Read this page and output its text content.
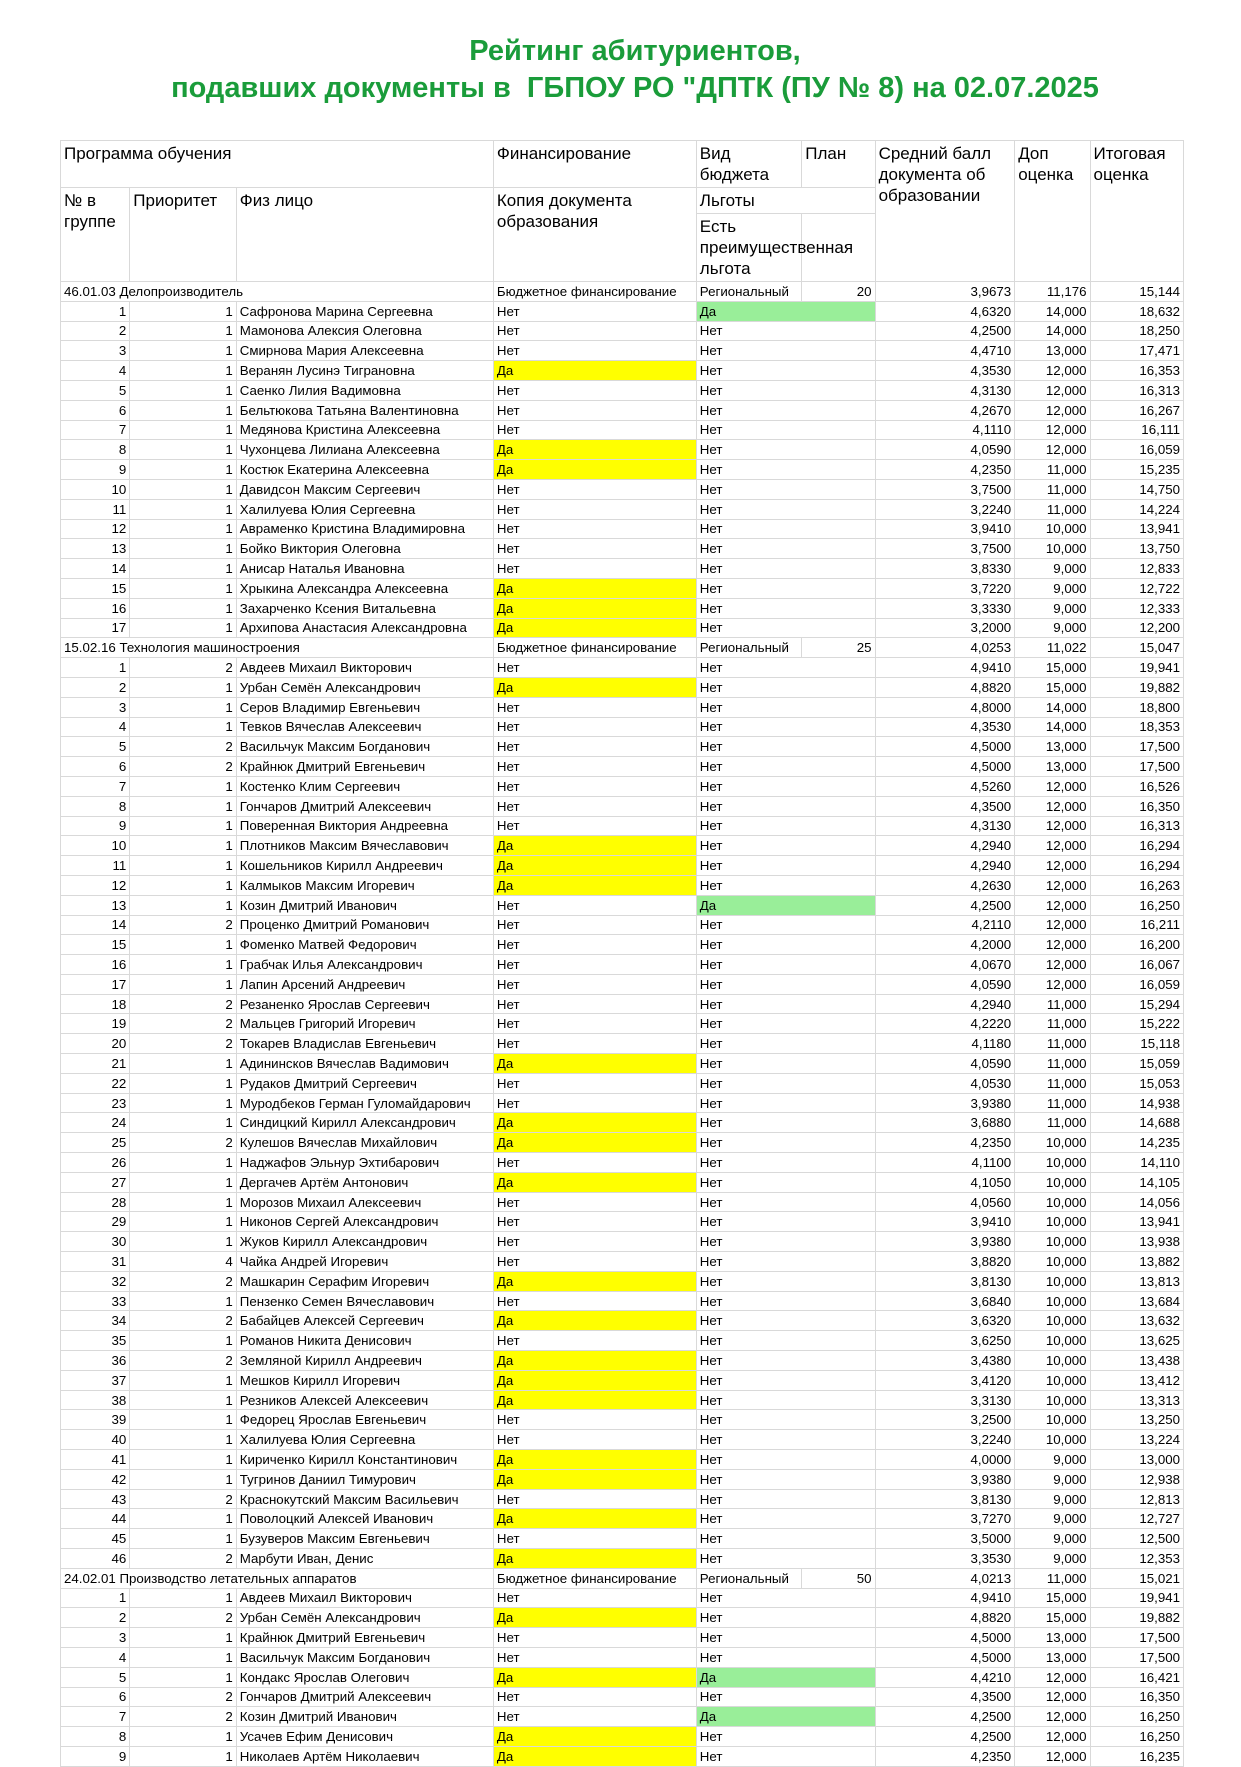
Рейтинг абитуриентов,
подавших документы в  ГБПОУ РО "ДПТК (ПУ № 8) на 02.07.2025
Программа обучения			Финансирование	Вид бюджета	План	Средний балл документа об образовании	Доп оценка	Итоговая оценка
№ в группе	Приоритет	Физ лицо	Копия документа образования	Льготы				
				Есть преимущественная льгота				
46.01.03 Делопроизводитель			Бюджетное финансирование	Региональный	20	3,9673	11,176	15,144
1	1	Сафронова Марина Сергеевна	Нет	Да		4,6320	14,000	18,632
2	1	Мамонова Алексия Олеговна	Нет	Нет		4,2500	14,000	18,250
3	1	Смирнова Мария Алексеевна	Нет	Нет		4,4710	13,000	17,471
4	1	Веранян Лусинэ Тиграновна	Да	Нет		4,3530	12,000	16,353
5	1	Саенко Лилия Вадимовна	Нет	Нет		4,3130	12,000	16,313
6	1	Бельтюкова Татьяна Валентиновна	Нет	Нет		4,2670	12,000	16,267
7	1	Медянова Кристина Алексеевна	Нет	Нет		4,1110	12,000	16,111
8	1	Чухонцева Лилиана Алексеевна	Да	Нет		4,0590	12,000	16,059
9	1	Костюк Екатерина Алексеевна	Да	Нет		4,2350	11,000	15,235
10	1	Давидсон Максим Сергеевич	Нет	Нет		3,7500	11,000	14,750
11	1	Халилуева Юлия Сергеевна	Нет	Нет		3,2240	11,000	14,224
12	1	Авраменко Кристина Владимировна	Нет	Нет		3,9410	10,000	13,941
13	1	Бойко Виктория Олеговна	Нет	Нет		3,7500	10,000	13,750
14	1	Анисар Наталья Ивановна	Нет	Нет		3,8330	9,000	12,833
15	1	Хрыкина Александра Алексеевна	Да	Нет		3,7220	9,000	12,722
16	1	Захарченко Ксения Витальевна	Да	Нет		3,3330	9,000	12,333
17	1	Архипова Анастасия Александровна	Да	Нет		3,2000	9,000	12,200
15.02.16 Технология машиностроения			Бюджетное финансирование	Региональный	25	4,0253	11,022	15,047
1	2	Авдеев Михаил Викторович	Нет	Нет		4,9410	15,000	19,941
2	1	Урбан Семён Александрович	Да	Нет		4,8820	15,000	19,882
3	1	Серов Владимир Евгеньевич	Нет	Нет		4,8000	14,000	18,800
4	1	Тевков Вячеслав Алексеевич	Нет	Нет		4,3530	14,000	18,353
5	2	Васильчук Максим Богданович	Нет	Нет		4,5000	13,000	17,500
6	2	Крайнюк Дмитрий Евгеньевич	Нет	Нет		4,5000	13,000	17,500
7	1	Костенко Клим Сергеевич	Нет	Нет		4,5260	12,000	16,526
8	1	Гончаров Дмитрий Алексеевич	Нет	Нет		4,3500	12,000	16,350
9	1	Поверенная Виктория Андреевна	Нет	Нет		4,3130	12,000	16,313
10	1	Плотников Максим Вячеславович	Да	Нет		4,2940	12,000	16,294
11	1	Кошельников Кирилл Андреевич	Да	Нет		4,2940	12,000	16,294
12	1	Калмыков Максим Игоревич	Да	Нет		4,2630	12,000	16,263
13	1	Козин Дмитрий Иванович	Нет	Да		4,2500	12,000	16,250
14	2	Проценко Дмитрий Романович	Нет	Нет		4,2110	12,000	16,211
15	1	Фоменко Матвей Федорович	Нет	Нет		4,2000	12,000	16,200
16	1	Грабчак Илья Александрович	Нет	Нет		4,0670	12,000	16,067
17	1	Лапин Арсений Андреевич	Нет	Нет		4,0590	12,000	16,059
18	2	Резаненко Ярослав Сергеевич	Нет	Нет		4,2940	11,000	15,294
19	2	Мальцев Григорий Игоревич	Нет	Нет		4,2220	11,000	15,222
20	2	Токарев Владислав Евгеньевич	Нет	Нет		4,1180	11,000	15,118
21	1	Адининсков Вячеслав Вадимович	Да	Нет		4,0590	11,000	15,059
22	1	Рудаков Дмитрий Сергеевич	Нет	Нет		4,0530	11,000	15,053
23	1	Муродбеков Герман Гуломайдарович	Нет	Нет		3,9380	11,000	14,938
24	1	Синдицкий Кирилл Александрович	Да	Нет		3,6880	11,000	14,688
25	2	Кулешов Вячеслав Михайлович	Да	Нет		4,2350	10,000	14,235
26	1	Наджафов Эльнур Эхтибарович	Нет	Нет		4,1100	10,000	14,110
27	1	Дергачев Артём Антонович	Да	Нет		4,1050	10,000	14,105
28	1	Морозов Михаил Алексеевич	Нет	Нет		4,0560	10,000	14,056
29	1	Никонов Сергей Александрович	Нет	Нет		3,9410	10,000	13,941
30	1	Жуков Кирилл Александрович	Нет	Нет		3,9380	10,000	13,938
31	4	Чайка Андрей Игоревич	Нет	Нет		3,8820	10,000	13,882
32	2	Машкарин Серафим Игоревич	Да	Нет		3,8130	10,000	13,813
33	1	Пензенко Семен Вячеславович	Нет	Нет		3,6840	10,000	13,684
34	2	Бабайцев Алексей Сергеевич	Да	Нет		3,6320	10,000	13,632
35	1	Романов Никита Денисович	Нет	Нет		3,6250	10,000	13,625
36	2	Земляной Кирилл Андреевич	Да	Нет		3,4380	10,000	13,438
37	1	Мешков Кирилл Игоревич	Да	Нет		3,4120	10,000	13,412
38	1	Резников Алексей Алексеевич	Да	Нет		3,3130	10,000	13,313
39	1	Федорец Ярослав Евгеньевич	Нет	Нет		3,2500	10,000	13,250
40	1	Халилуева Юлия Сергеевна	Нет	Нет		3,2240	10,000	13,224
41	1	Кириченко Кирилл Константинович	Да	Нет		4,0000	9,000	13,000
42	1	Тугринов Даниил Тимурович	Да	Нет		3,9380	9,000	12,938
43	2	Краснокутский Максим Васильевич	Нет	Нет		3,8130	9,000	12,813
44	1	Поволоцкий Алексей Иванович	Да	Нет		3,7270	9,000	12,727
45	1	Бузуверов Максим Евгеньевич	Нет	Нет		3,5000	9,000	12,500
46	2	Марбути Иван, Денис	Да	Нет		3,3530	9,000	12,353
24.02.01 Производство летательных аппаратов			Бюджетное финансирование	Региональный	50	4,0213	11,000	15,021
1	1	Авдеев Михаил Викторович	Нет	Нет		4,9410	15,000	19,941
2	2	Урбан Семён Александрович	Да	Нет		4,8820	15,000	19,882
3	1	Крайнюк Дмитрий Евгеньевич	Нет	Нет		4,5000	13,000	17,500
4	1	Васильчук Максим Богданович	Нет	Нет		4,5000	13,000	17,500
5	1	Кондакс Ярослав Олегович	Да	Да		4,4210	12,000	16,421
6	2	Гончаров Дмитрий Алексеевич	Нет	Нет		4,3500	12,000	16,350
7	2	Козин Дмитрий Иванович	Нет	Да		4,2500	12,000	16,250
8	1	Усачев Ефим Денисович	Да	Нет		4,2500	12,000	16,250
9	1	Николаев Артём Николаевич	Да	Нет		4,2350	12,000	16,235
